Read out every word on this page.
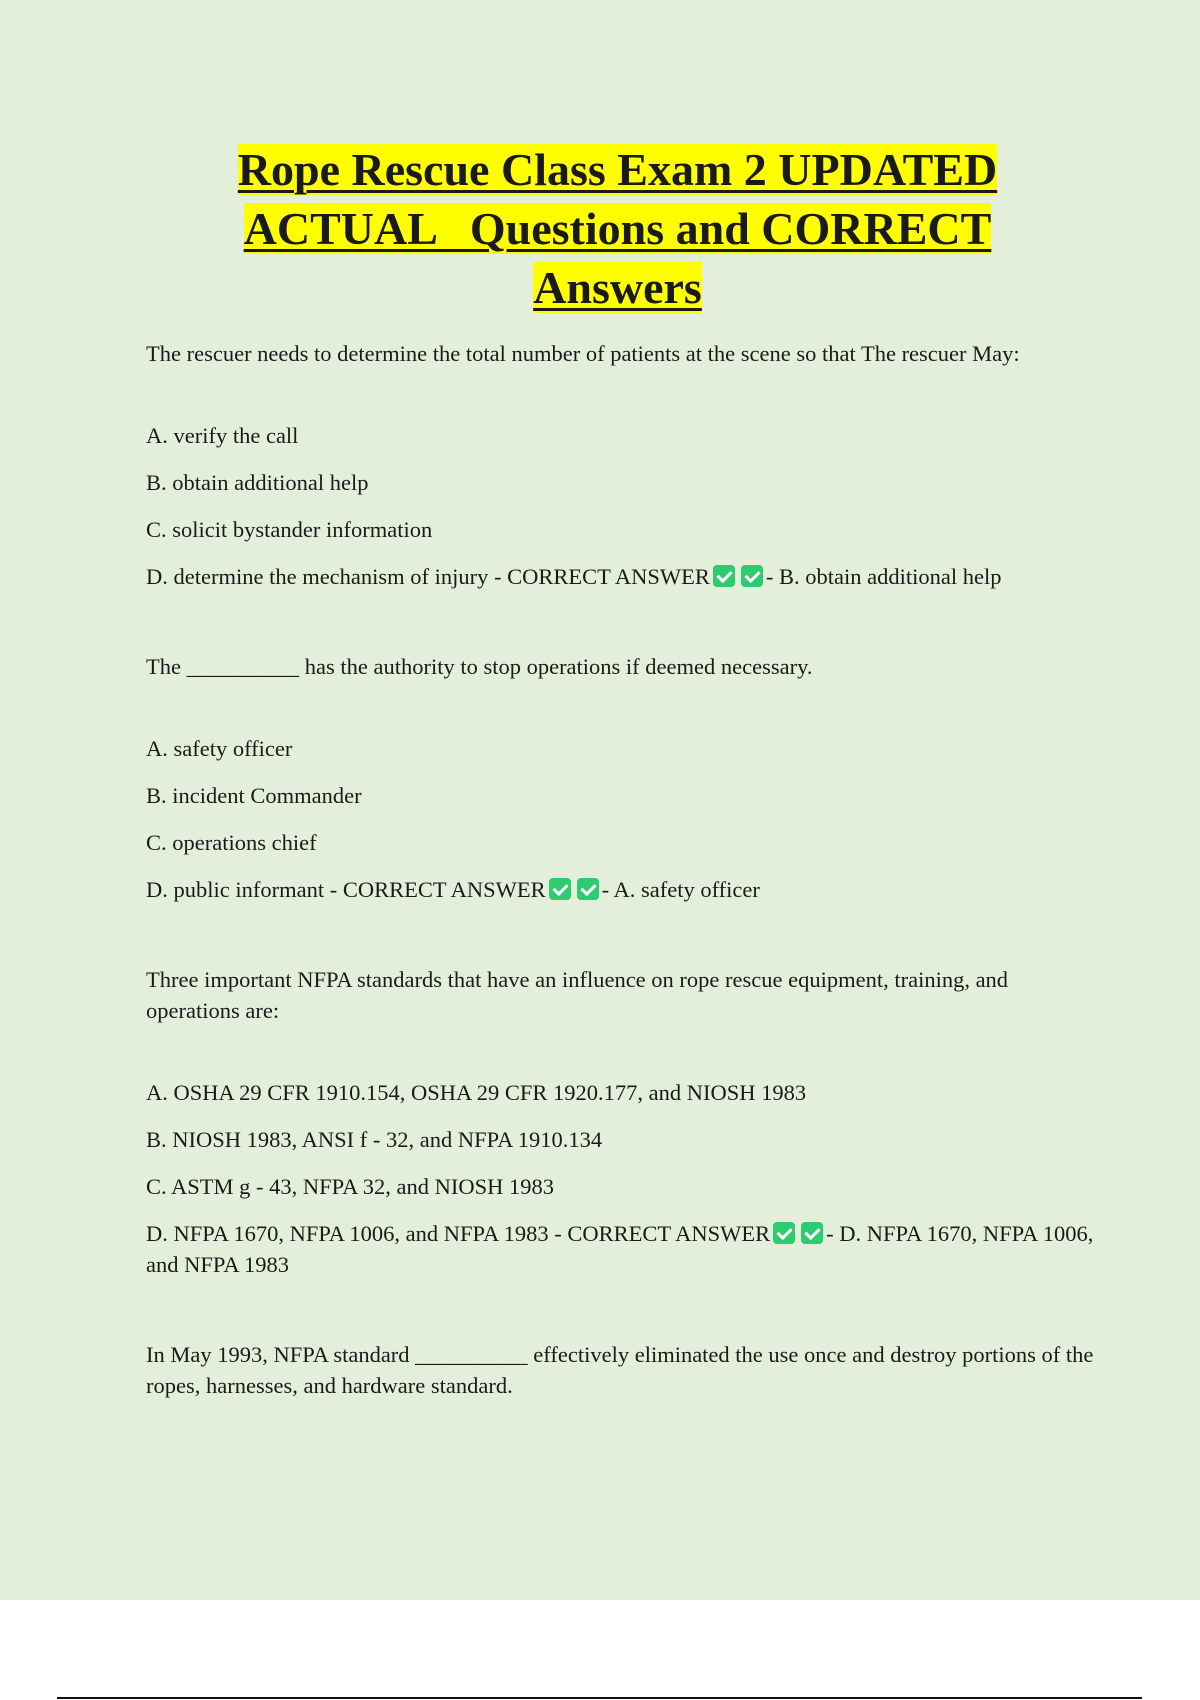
Rope Rescue Class Exam 2 UPDATED
ACTUAL   Questions and CORRECT
Answers

The rescuer needs to determine the total number of patients at the scene so that The rescuer May:

A. verify the call

B. obtain additional help

C. solicit bystander information

D. determine the mechanism of injury - CORRECT ANSWER - B. obtain additional help

The __________ has the authority to stop operations if deemed necessary.

A. safety officer

B. incident Commander

C. operations chief

D. public informant - CORRECT ANSWER - A. safety officer

Three important NFPA standards that have an influence on rope rescue equipment, training, and operations are:

A. OSHA 29 CFR 1910.154, OSHA 29 CFR 1920.177, and NIOSH 1983

B. NIOSH 1983, ANSI f - 32, and NFPA 1910.134

C. ASTM g - 43, NFPA 32, and NIOSH 1983

D. NFPA 1670, NFPA 1006, and NFPA 1983 - CORRECT ANSWER - D. NFPA 1670, NFPA 1006, and NFPA 1983

In May 1993, NFPA standard __________ effectively eliminated the use once and destroy portions of the ropes, harnesses, and hardware standard.
